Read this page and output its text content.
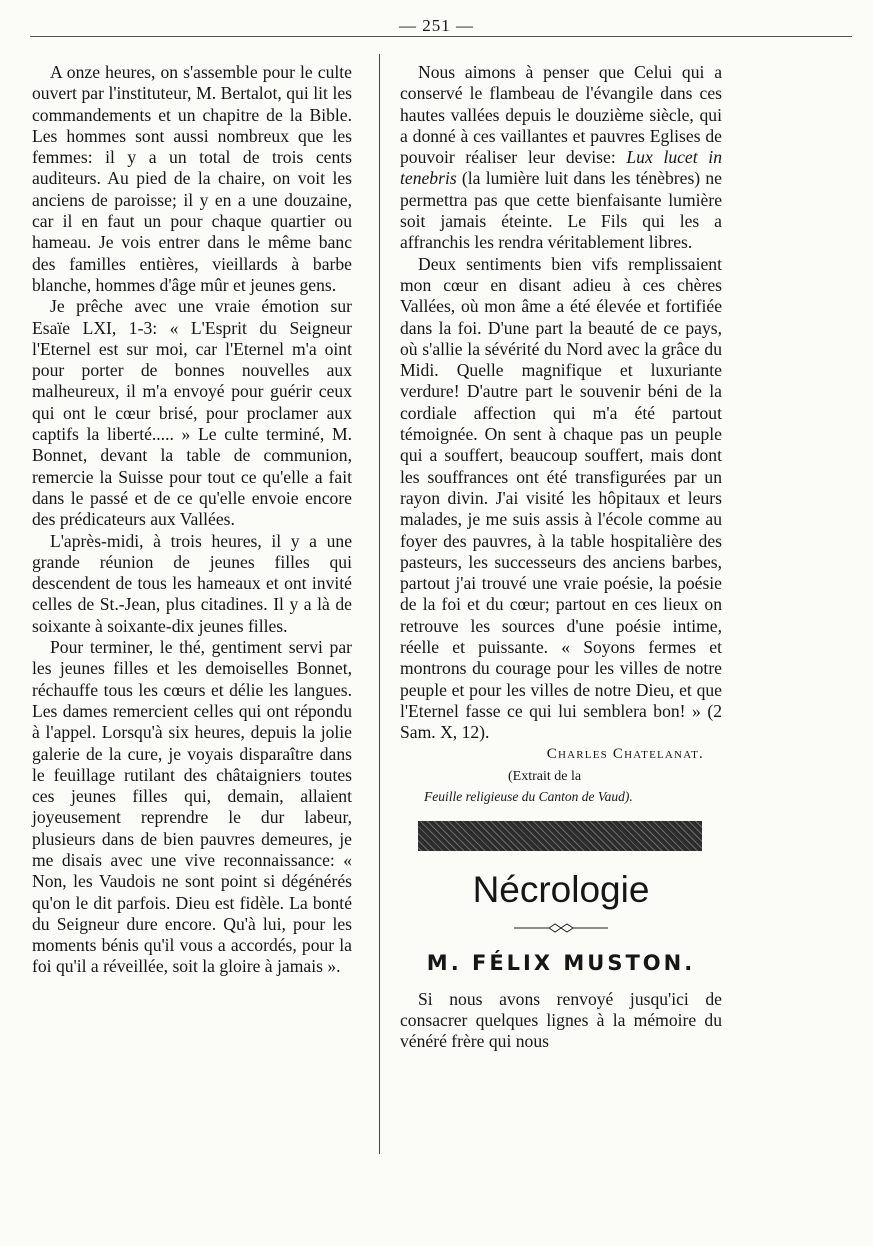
— 251 —

A onze heures, on s'assemble pour le culte ouvert par l'instituteur, M. Bertalot, qui lit les commandements et un chapitre de la Bible. Les hommes sont aussi nombreux que les femmes: il y a un total de trois cents auditeurs. Au pied de la chaire, on voit les anciens de paroisse; il y en a une douzaine, car il en faut un pour chaque quartier ou hameau. Je vois entrer dans le même banc des familles entières, vieillards à barbe blanche, hommes d'âge mûr et jeunes gens.

Je prêche avec une vraie émotion sur Esaïe LXI, 1-3: « L'Esprit du Seigneur l'Eternel est sur moi, car l'Eternel m'a oint pour porter de bonnes nouvelles aux malheureux, il m'a envoyé pour guérir ceux qui ont le cœur brisé, pour proclamer aux captifs la liberté..... » Le culte terminé, M. Bonnet, devant la table de communion, remercie la Suisse pour tout ce qu'elle a fait dans le passé et de ce qu'elle envoie encore des prédicateurs aux Vallées.

L'après-midi, à trois heures, il y a une grande réunion de jeunes filles qui descendent de tous les hameaux et ont invité celles de St.-Jean, plus citadines. Il y a là de soixante à soixante-dix jeunes filles.

Pour terminer, le thé, gentiment servi par les jeunes filles et les demoiselles Bonnet, réchauffe tous les cœurs et délie les langues. Les dames remercient celles qui ont répondu à l'appel. Lorsqu'à six heures, depuis la jolie galerie de la cure, je voyais disparaître dans le feuillage rutilant des châtaigniers toutes ces jeunes filles qui, demain, allaient joyeusement reprendre le dur labeur, plusieurs dans de bien pauvres demeures, je me disais avec une vive reconnaissance: « Non, les Vaudois ne sont point si dégénérés qu'on le dit parfois. Dieu est fidèle. La bonté du Seigneur dure encore. Qu'à lui, pour les moments bénis qu'il vous a accordés, pour la foi qu'il a réveillée, soit la gloire à jamais ».

Nous aimons à penser que Celui qui a conservé le flambeau de l'évangile dans ces hautes vallées depuis le douzième siècle, qui a donné à ces vaillantes et pauvres Eglises de pouvoir réaliser leur devise: Lux lucet in tenebris (la lumière luit dans les ténèbres) ne permettra pas que cette bienfaisante lumière soit jamais éteinte. Le Fils qui les a affranchis les rendra véritablement libres.

Deux sentiments bien vifs remplissaient mon cœur en disant adieu à ces chères Vallées, où mon âme a été élevée et fortifiée dans la foi. D'une part la beauté de ce pays, où s'allie la sévérité du Nord avec la grâce du Midi. Quelle magnifique et luxuriante verdure! D'autre part le souvenir béni de la cordiale affection qui m'a été partout témoignée. On sent à chaque pas un peuple qui a souffert, beaucoup souffert, mais dont les souffrances ont été transfigurées par un rayon divin. J'ai visité les hôpitaux et leurs malades, je me suis assis à l'école comme au foyer des pauvres, à la table hospitalière des pasteurs, les successeurs des anciens barbes, partout j'ai trouvé une vraie poésie, la poésie de la foi et du cœur; partout en ces lieux on retrouve les sources d'une poésie intime, réelle et puissante. « Soyons fermes et montrons du courage pour les villes de notre peuple et pour les villes de notre Dieu, et que l'Eternel fasse ce qui lui semblera bon! » (2 Sam. X, 12).

Charles Chatelanat.

(Extrait de la

Feuille religieuse du Canton de Vaud).

Nécrologie
M. FÉLIX MUSTON.

Si nous avons renvoyé jusqu'ici de consacrer quelques lignes à la mémoire du vénéré frère qui nous
